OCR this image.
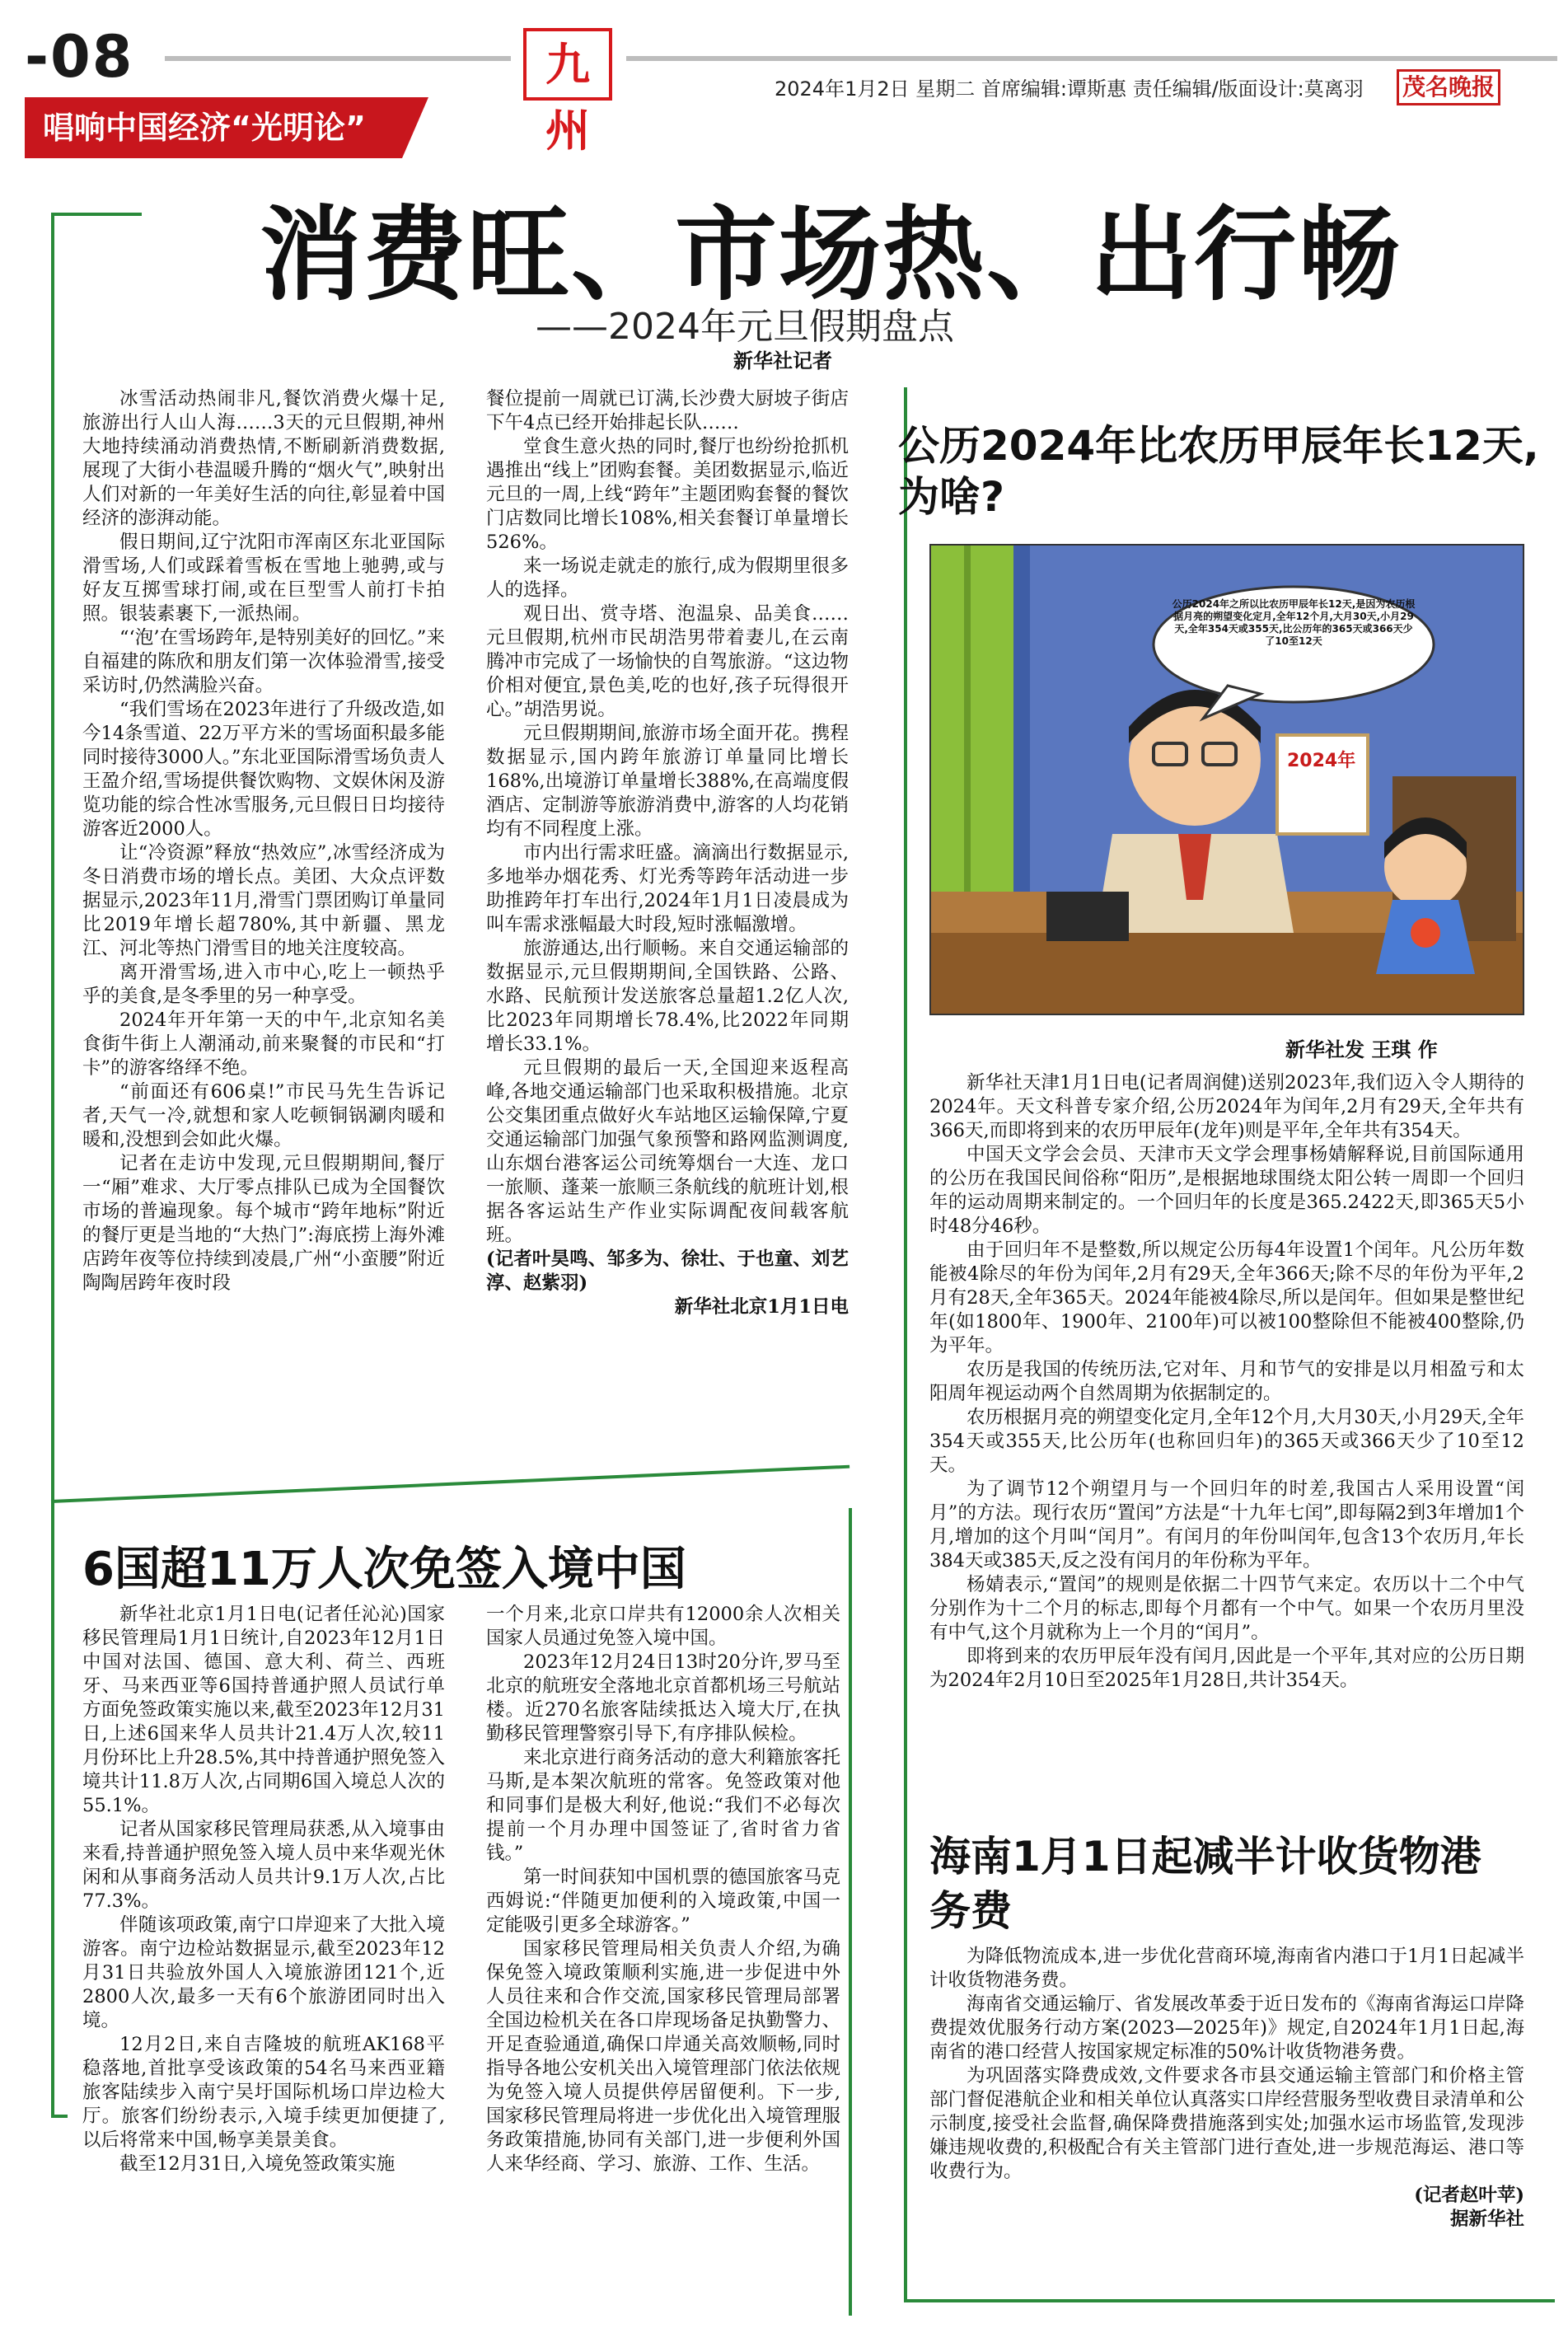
-08	九州
2024年1月2日 星期二 首席编辑:谭斯惠 责任编辑/版面设计:莫离羽 茂名晚报
唱响中国经济“光明论”
消费旺、市场热、出行畅
——2024年元旦假期盘点
新华社记者

冰雪活动热闹非凡,餐饮消费火爆十足,旅游出行人山人海……3天的元旦假期,神州大地持续涌动消费热情,不断刷新消费数据,展现了大街小巷温暖升腾的“烟火气”,映射出人们对新的一年美好生活的向往,彰显着中国经济的澎湃动能。

假日期间,辽宁沈阳市浑南区东北亚国际滑雪场,人们或踩着雪板在雪地上驰骋,或与好友互掷雪球打闹,或在巨型雪人前打卡拍照。银装素裹下,一派热闹。

“‘泡’在雪场跨年,是特别美好的回忆。”来自福建的陈欣和朋友们第一次体验滑雪,接受采访时,仍然满脸兴奋。

“我们雪场在2023年进行了升级改造,如今14条雪道、22万平方米的雪场面积最多能同时接待3000人。”东北亚国际滑雪场负责人王盈介绍,雪场提供餐饮购物、文娱休闲及游览功能的综合性冰雪服务,元旦假日日均接待游客近2000人。

让“冷资源”释放“热效应”,冰雪经济成为冬日消费市场的增长点。美团、大众点评数据显示,2023年11月,滑雪门票团购订单量同比2019年增长超780%,其中新疆、黑龙江、河北等热门滑雪目的地关注度较高。

离开滑雪场,进入市中心,吃上一顿热乎乎的美食,是冬季里的另一种享受。

2024年开年第一天的中午,北京知名美食街牛街上人潮涌动,前来聚餐的市民和“打卡”的游客络绎不绝。

“前面还有606桌!”市民马先生告诉记者,天气一冷,就想和家人吃顿铜锅涮肉暖和暖和,没想到会如此火爆。

记者在走访中发现,元旦假期期间,餐厅一“厢”难求、大厅零点排队已成为全国餐饮市场的普遍现象。每个城市“跨年地标”附近的餐厅更是当地的“大热门”:海底捞上海外滩店跨年夜等位持续到凌晨,广州“小蛮腰”附近陶陶居跨年夜时段

餐位提前一周就已订满,长沙费大厨坡子街店下午4点已经开始排起长队……

堂食生意火热的同时,餐厅也纷纷抢抓机遇推出“线上”团购套餐。美团数据显示,临近元旦的一周,上线“跨年”主题团购套餐的餐饮门店数同比增长108%,相关套餐订单量增长526%。

来一场说走就走的旅行,成为假期里很多人的选择。

观日出、赏寺塔、泡温泉、品美食……元旦假期,杭州市民胡浩男带着妻儿,在云南腾冲市完成了一场愉快的自驾旅游。“这边物价相对便宜,景色美,吃的也好,孩子玩得很开心。”胡浩男说。

元旦假期期间,旅游市场全面开花。携程数据显示,国内跨年旅游订单量同比增长168%,出境游订单量增长388%,在高端度假酒店、定制游等旅游消费中,游客的人均花销均有不同程度上涨。

市内出行需求旺盛。滴滴出行数据显示,多地举办烟花秀、灯光秀等跨年活动进一步助推跨年打车出行,2024年1月1日凌晨成为叫车需求涨幅最大时段,短时涨幅激增。

旅游通达,出行顺畅。来自交通运输部的数据显示,元旦假期期间,全国铁路、公路、水路、民航预计发送旅客总量超1.2亿人次,比2023年同期增长78.4%,比2022年同期增长33.1%。

元旦假期的最后一天,全国迎来返程高峰,各地交通运输部门也采取积极措施。北京公交集团重点做好火车站地区运输保障,宁夏交通运输部门加强气象预警和路网监测调度,山东烟台港客运公司统筹烟台一大连、龙口一旅顺、蓬莱一旅顺三条航线的航班计划,根据各客运站生产作业实际调配夜间载客航班。

(记者叶昊鸣、邹多为、徐壮、于也童、刘艺淳、赵紫羽)

新华社北京1月1日电

公历2024年比农历甲辰年长12天,为啥?
2024年
公历2024年之所以比农历甲辰年长12天,是因为农历根据月亮的朔望变化定月,全年12个月,大月30天,小月29天,全年354天或355天,比公历年的365天或366天少了10至12天
新华社发 王琪 作

新华社天津1月1日电(记者周润健)送别2023年,我们迈入令人期待的2024年。天文科普专家介绍,公历2024年为闰年,2月有29天,全年共有366天,而即将到来的农历甲辰年(龙年)则是平年,全年共有354天。

中国天文学会会员、天津市天文学会理事杨婧解释说,目前国际通用的公历在我国民间俗称“阳历”,是根据地球围绕太阳公转一周即一个回归年的运动周期来制定的。一个回归年的长度是365.2422天,即365天5小时48分46秒。

由于回归年不是整数,所以规定公历每4年设置1个闰年。凡公历年数能被4除尽的年份为闰年,2月有29天,全年366天;除不尽的年份为平年,2月有28天,全年365天。2024年能被4除尽,所以是闰年。但如果是整世纪年(如1800年、1900年、2100年)可以被100整除但不能被400整除,仍为平年。

农历是我国的传统历法,它对年、月和节气的安排是以月相盈亏和太阳周年视运动两个自然周期为依据制定的。

农历根据月亮的朔望变化定月,全年12个月,大月30天,小月29天,全年354天或355天,比公历年(也称回归年)的365天或366天少了10至12天。

为了调节12个朔望月与一个回归年的时差,我国古人采用设置“闰月”的方法。现行农历“置闰”方法是“十九年七闰”,即每隔2到3年增加1个月,增加的这个月叫“闰月”。有闰月的年份叫闰年,包含13个农历月,年长384天或385天,反之没有闰月的年份称为平年。

杨婧表示,“置闰”的规则是依据二十四节气来定。农历以十二个中气分别作为十二个月的标志,即每个月都有一个中气。如果一个农历月里没有中气,这个月就称为上一个月的“闰月”。

即将到来的农历甲辰年没有闰月,因此是一个平年,其对应的公历日期为2024年2月10日至2025年1月28日,共计354天。

海南1月1日起减半计收货物港务费

为降低物流成本,进一步优化营商环境,海南省内港口于1月1日起减半计收货物港务费。

海南省交通运输厅、省发展改革委于近日发布的《海南省海运口岸降费提效优服务行动方案(2023—2025年)》规定,自2024年1月1日起,海南省的港口经营人按国家规定标准的50%计收货物港务费。

为巩固落实降费成效,文件要求各市县交通运输主管部门和价格主管部门督促港航企业和相关单位认真落实口岸经营服务型收费目录清单和公示制度,接受社会监督,确保降费措施落到实处;加强水运市场监管,发现涉嫌违规收费的,积极配合有关主管部门进行查处,进一步规范海运、港口等收费行为。

(记者赵叶苹)

据新华社

6国超11万人次免签入境中国

新华社北京1月1日电(记者任沁沁)国家移民管理局1月1日统计,自2023年12月1日中国对法国、德国、意大利、荷兰、西班牙、马来西亚等6国持普通护照人员试行单方面免签政策实施以来,截至2023年12月31日,上述6国来华人员共计21.4万人次,较11月份环比上升28.5%,其中持普通护照免签入境共计11.8万人次,占同期6国入境总人次的55.1%。

记者从国家移民管理局获悉,从入境事由来看,持普通护照免签入境人员中来华观光休闲和从事商务活动人员共计9.1万人次,占比77.3%。

伴随该项政策,南宁口岸迎来了大批入境游客。南宁边检站数据显示,截至2023年12月31日共验放外国人入境旅游团121个,近2800人次,最多一天有6个旅游团同时出入境。

12月2日,来自吉隆坡的航班AK168平稳落地,首批享受该政策的54名马来西亚籍旅客陆续步入南宁吴圩国际机场口岸边检大厅。旅客们纷纷表示,入境手续更加便捷了,以后将常来中国,畅享美景美食。

截至12月31日,入境免签政策实施

一个月来,北京口岸共有12000余人次相关国家人员通过免签入境中国。

2023年12月24日13时20分许,罗马至北京的航班安全落地北京首都机场三号航站楼。近270名旅客陆续抵达入境大厅,在执勤移民管理警察引导下,有序排队候检。

来北京进行商务活动的意大利籍旅客托马斯,是本架次航班的常客。免签政策对他和同事们是极大利好,他说:“我们不必每次提前一个月办理中国签证了,省时省力省钱。”

第一时间获知中国机票的德国旅客马克西姆说:“伴随更加便利的入境政策,中国一定能吸引更多全球游客。”

国家移民管理局相关负责人介绍,为确保免签入境政策顺利实施,进一步促进中外人员往来和合作交流,国家移民管理局部署全国边检机关在各口岸现场备足执勤警力、开足查验通道,确保口岸通关高效顺畅,同时指导各地公安机关出入境管理部门依法依规为免签入境人员提供停居留便利。下一步,国家移民管理局将进一步优化出入境管理服务政策措施,协同有关部门,进一步便利外国人来华经商、学习、旅游、工作、生活。
